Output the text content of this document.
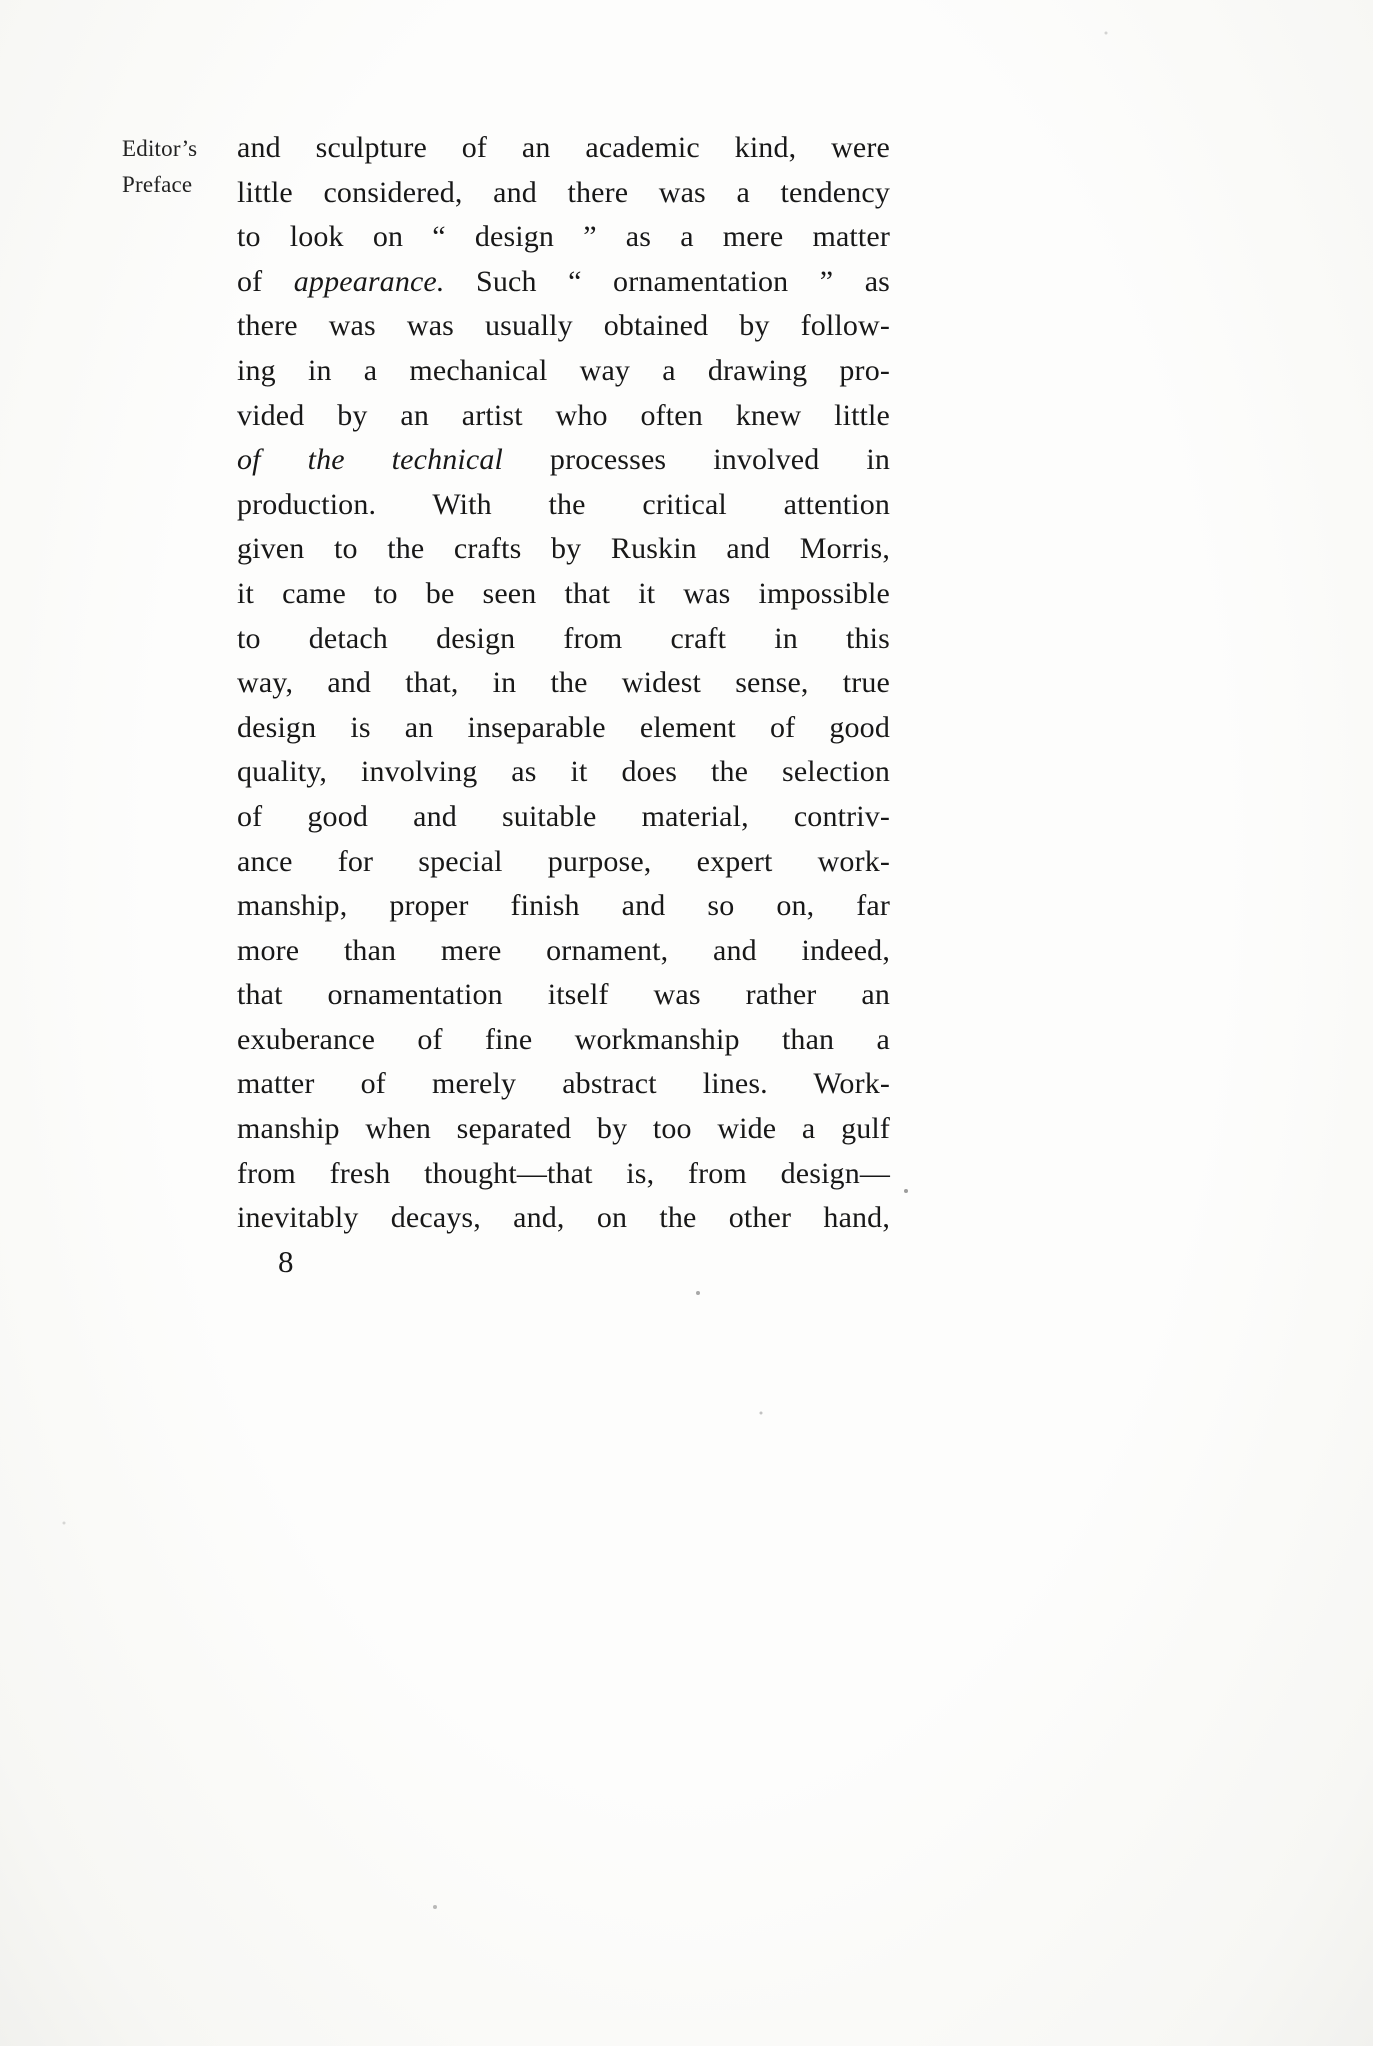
Editor’s
Preface
and sculpture of an academic kind, were
little considered, and there was a tendency
to look on “ design ” as a mere matter
of appearance. Such “ ornamentation ” as
there was was usually obtained by follow-
ing in a mechanical way a drawing pro-
vided by an artist who often knew little
of the technical processes involved in
production. With the critical attention
given to the crafts by Ruskin and Morris,
it came to be seen that it was impossible
to detach design from craft in this
way, and that, in the widest sense, true
design is an inseparable element of good
quality, involving as it does the selection
of good and suitable material, contriv-
ance for special purpose, expert work-
manship, proper finish and so on, far
more than mere ornament, and indeed,
that ornamentation itself was rather an
exuberance of fine workmanship than a
matter of merely abstract lines. Work-
manship when separated by too wide a gulf
from fresh thought—that is, from design—
inevitably decays, and, on the other hand,
8
